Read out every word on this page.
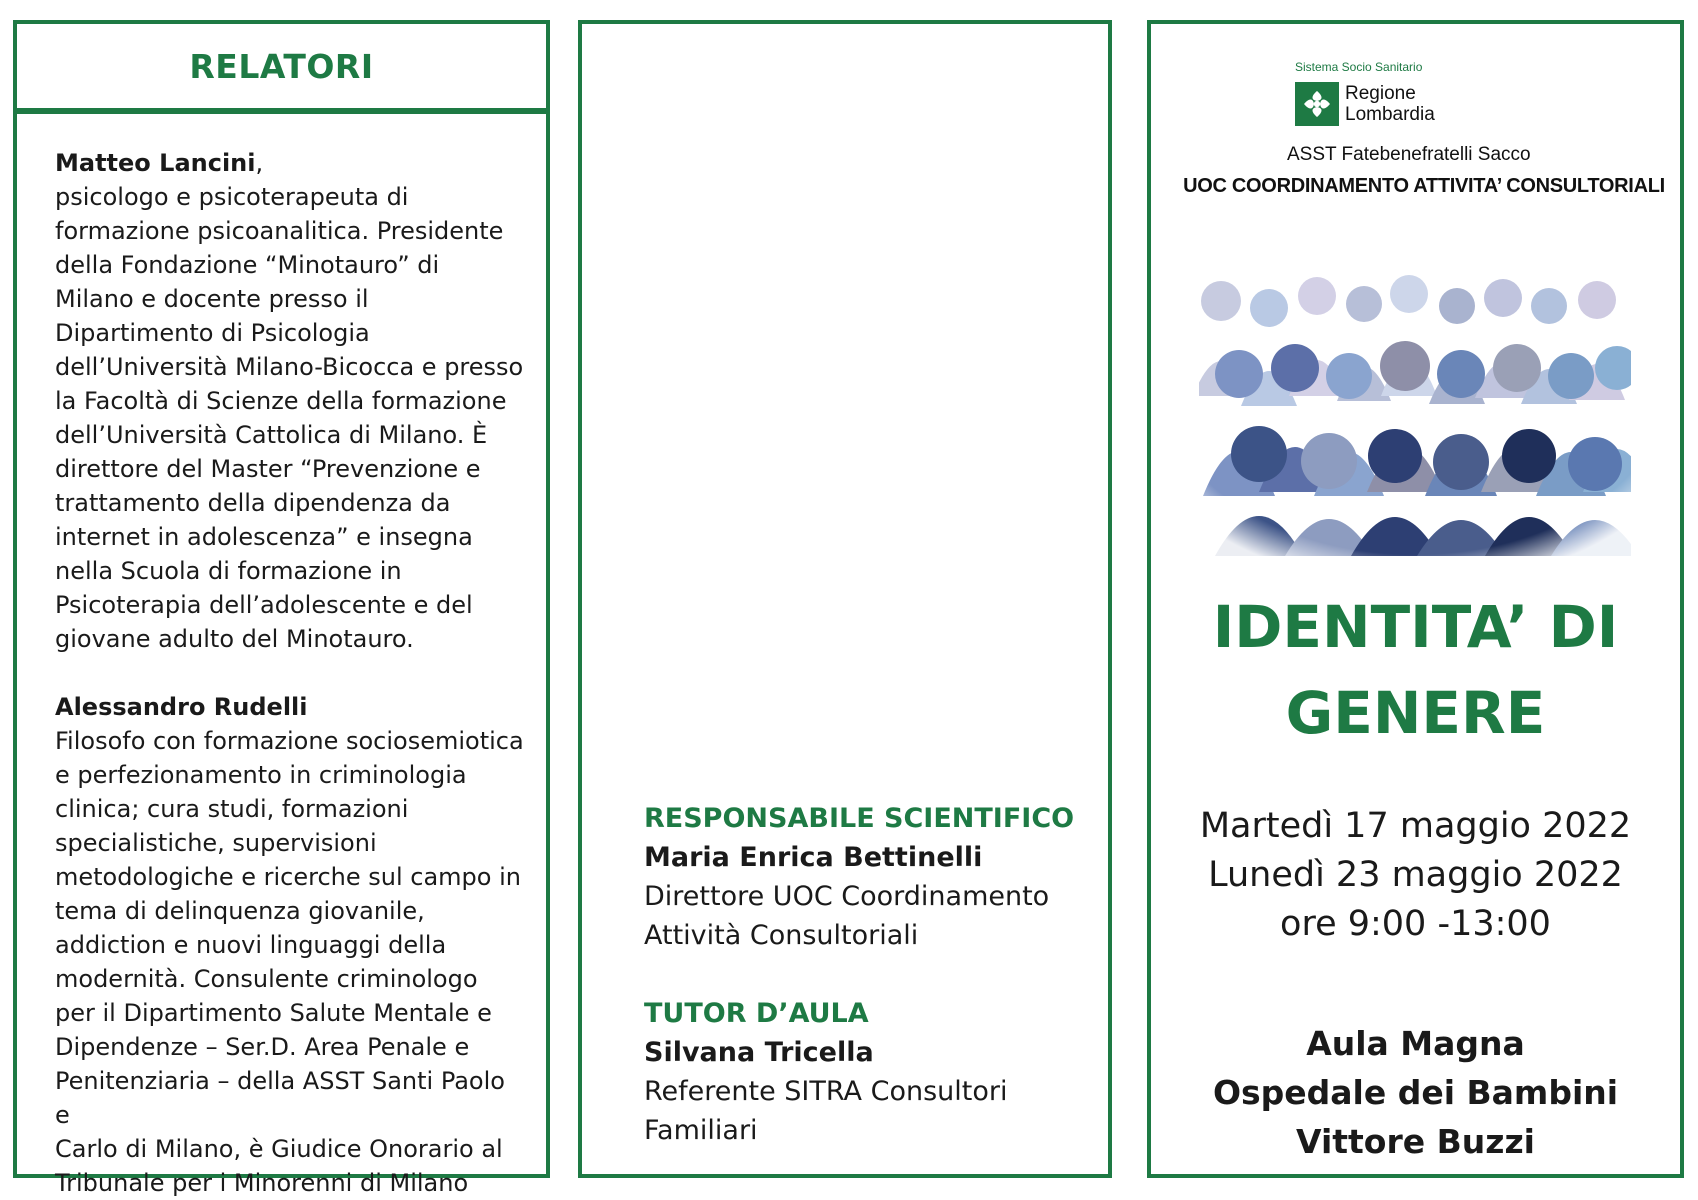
RELATORI

Matteo Lancini,

psicologo e psicoterapeuta di
formazione psicoanalitica. Presidente
della Fondazione “Minotauro” di
Milano e docente presso il
Dipartimento di Psicologia
dell’Università Milano-Bicocca e presso
la Facoltà di Scienze della formazione
dell’Università Cattolica di Milano. È
direttore del Master “Prevenzione e
trattamento della dipendenza da
internet in adolescenza” e insegna
nella Scuola di formazione in
Psicoterapia dell’adolescente e del
giovane adulto del Minotauro.

Alessandro Rudelli

Filosofo con formazione sociosemiotica
e perfezionamento in criminologia
clinica; cura studi, formazioni
specialistiche, supervisioni
metodologiche e ricerche sul campo in
tema di delinquenza giovanile,
addiction e nuovi linguaggi della
modernità. Consulente criminologo
per il Dipartimento Salute Mentale e
Dipendenze – Ser.D. Area Penale e
Penitenziaria – della ASST Santi Paolo e
Carlo di Milano, è Giudice Onorario al
Tribunale per i Minorenni di Milano

RESPONSABILE SCIENTIFICO
Maria Enrica Bettinelli
Direttore UOC Coordinamento
Attività Consultoriali
TUTOR D’AULA
Silvana Tricella
Referente SITRA Consultori
Familiari
Sistema Socio Sanitario
Regione
Lombardia
ASST Fatebenefratelli Sacco
UOC COORDINAMENTO ATTIVITA’ CONSULTORIALI
IDENTITA’ DI
GENERE
Martedì 17 maggio 2022
Lunedì 23 maggio 2022
ore 9:00 -13:00
Aula Magna
Ospedale dei Bambini
Vittore Buzzi
